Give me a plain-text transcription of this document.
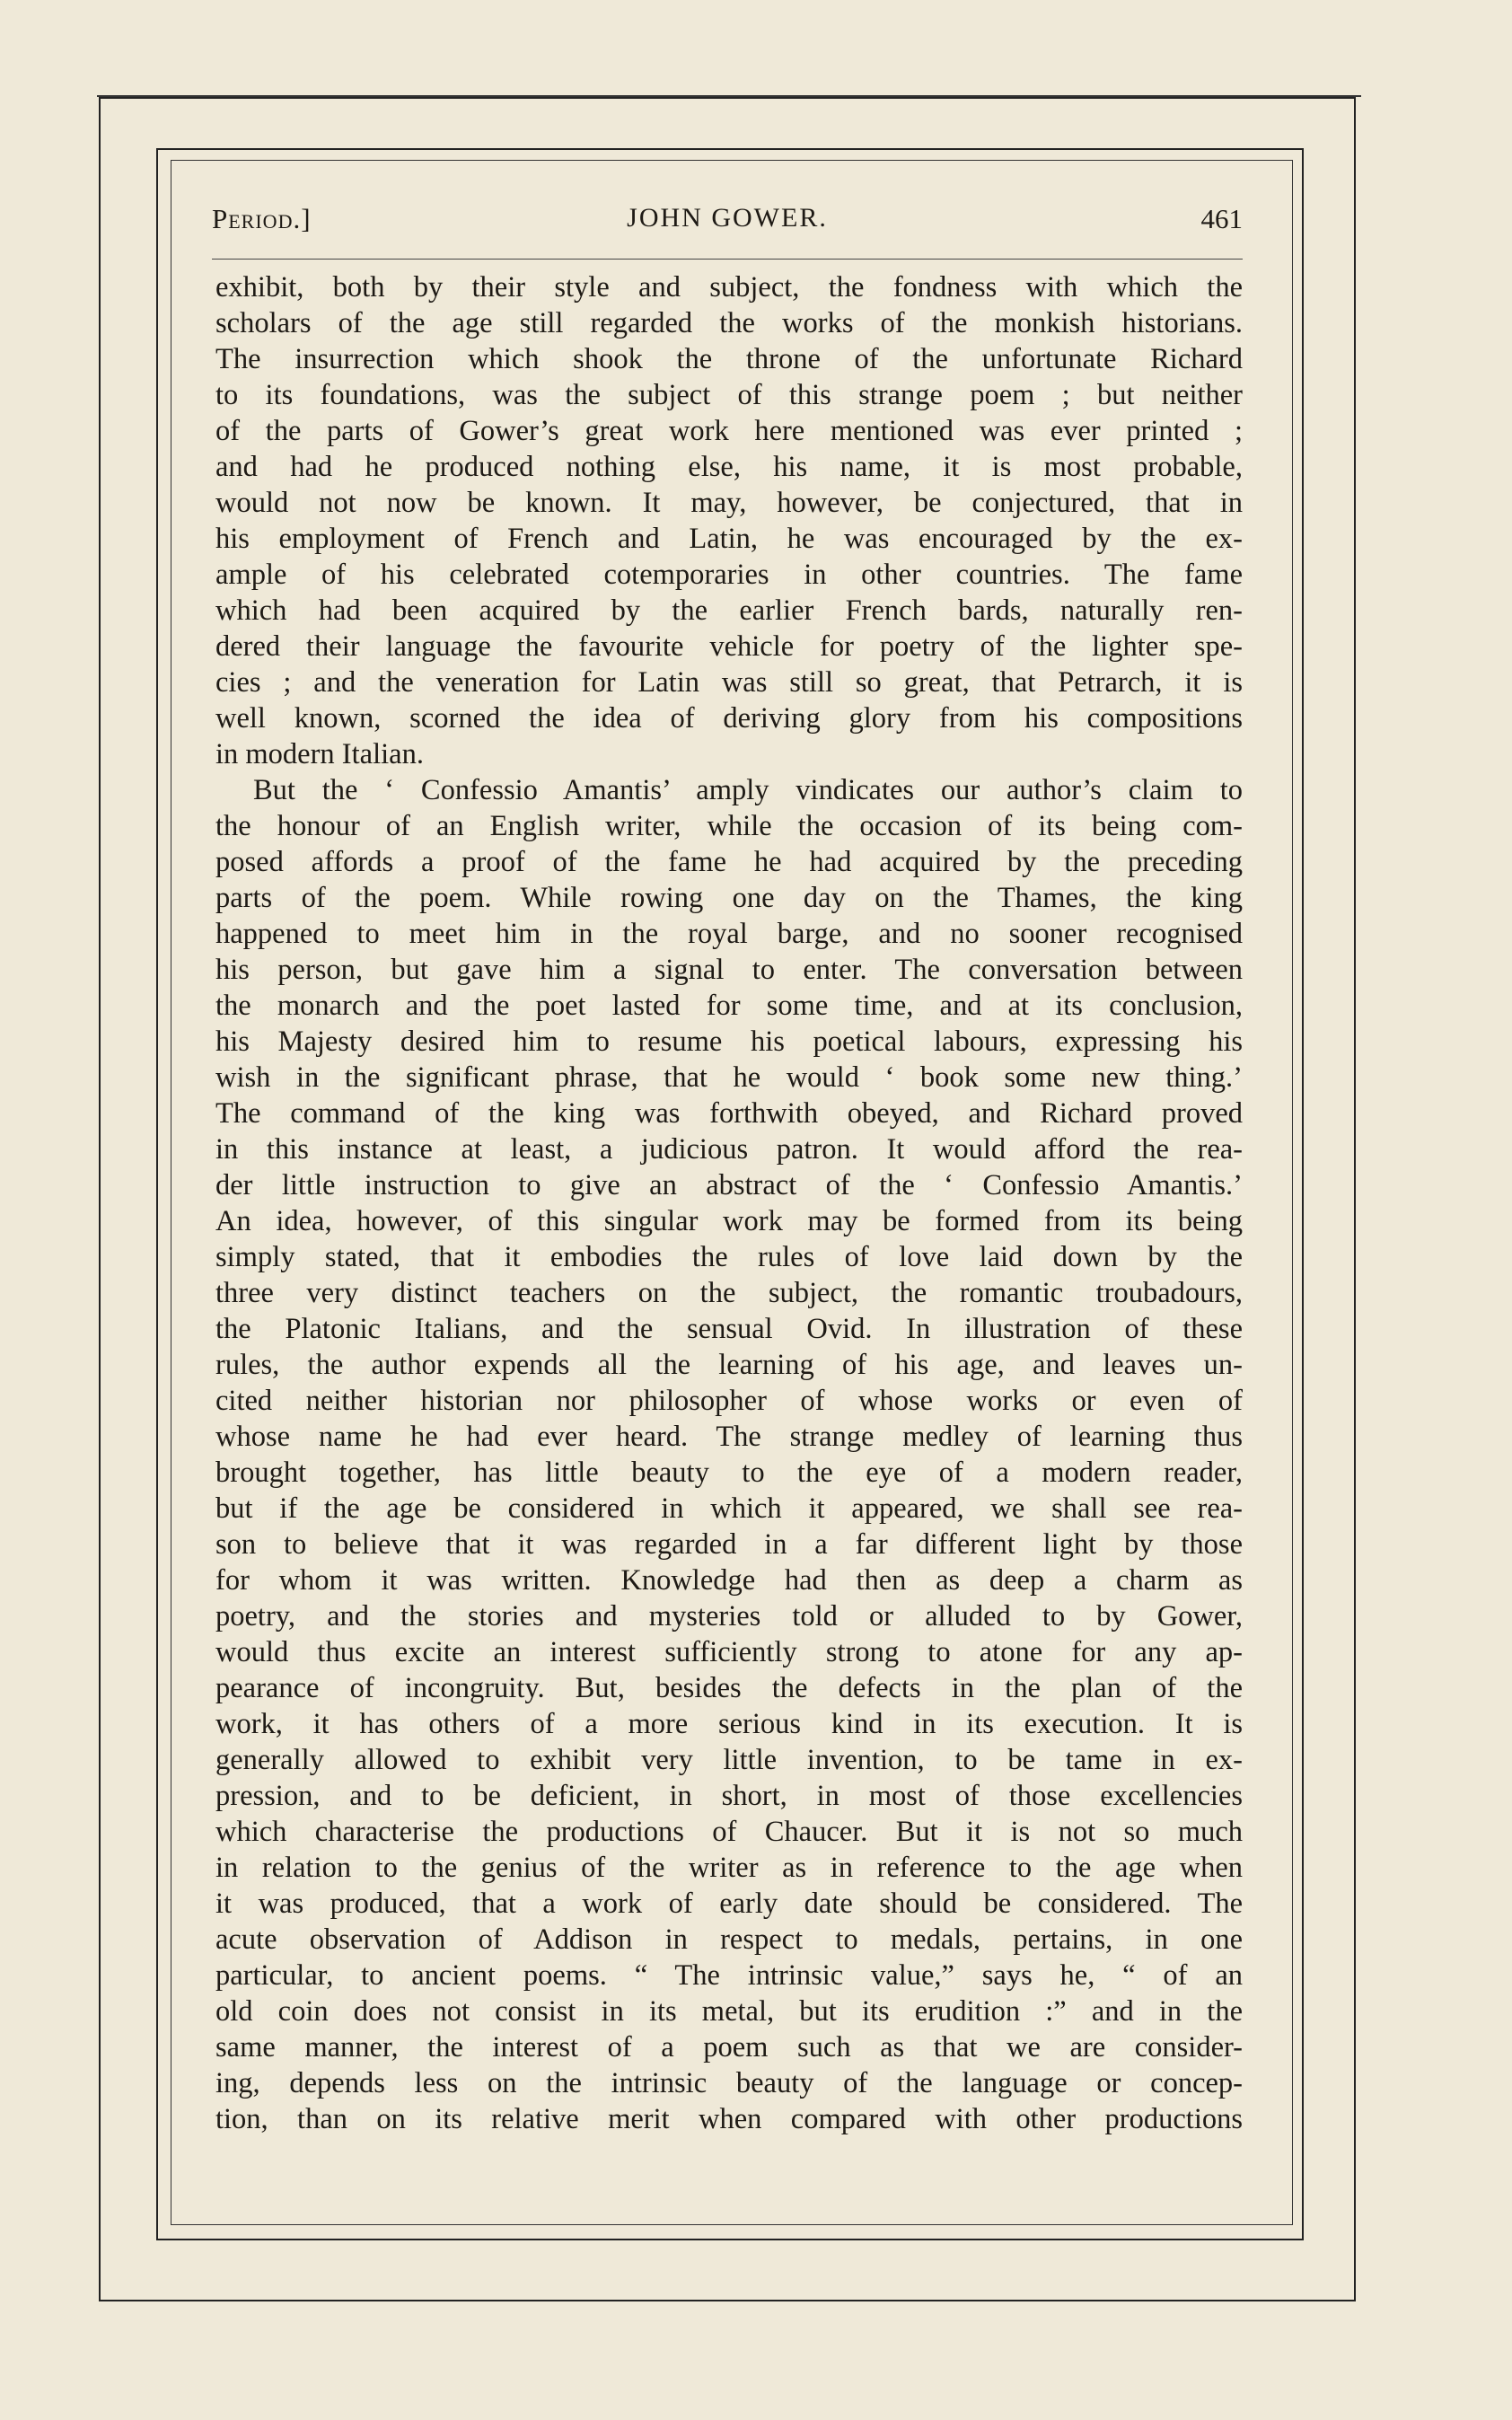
Period.]	JOHN GOWER.	461
exhibit, both by their style and subject, the fondness with which the
scholars of the age still regarded the works of the monkish historians.
The insurrection which shook the throne of the unfortunate Richard
to its foundations, was the subject of this strange poem ; but neither
of the parts of Gower’s great work here mentioned was ever printed ;
and had he produced nothing else, his name, it is most probable,
would not now be known. It may, however, be conjectured, that in
his employment of French and Latin, he was encouraged by the ex-
ample of his celebrated cotemporaries in other countries. The fame
which had been acquired by the earlier French bards, naturally ren-
dered their language the favourite vehicle for poetry of the lighter spe-
cies ; and the veneration for Latin was still so great, that Petrarch, it is
well known, scorned the idea of deriving glory from his compositions
in modern Italian.
But the ‘ Confessio Amantis’ amply vindicates our author’s claim to
the honour of an English writer, while the occasion of its being com-
posed affords a proof of the fame he had acquired by the preceding
parts of the poem. While rowing one day on the Thames, the king
happened to meet him in the royal barge, and no sooner recognised
his person, but gave him a signal to enter. The conversation between
the monarch and the poet lasted for some time, and at its conclusion,
his Majesty desired him to resume his poetical labours, expressing his
wish in the significant phrase, that he would ‘ book some new thing.’
The command of the king was forthwith obeyed, and Richard proved
in this instance at least, a judicious patron. It would afford the rea-
der little instruction to give an abstract of the ‘ Confessio Amantis.’
An idea, however, of this singular work may be formed from its being
simply stated, that it embodies the rules of love laid down by the
three very distinct teachers on the subject, the romantic troubadours,
the Platonic Italians, and the sensual Ovid. In illustration of these
rules, the author expends all the learning of his age, and leaves un-
cited neither historian nor philosopher of whose works or even of
whose name he had ever heard. The strange medley of learning thus
brought together, has little beauty to the eye of a modern reader,
but if the age be considered in which it appeared, we shall see rea-
son to believe that it was regarded in a far different light by those
for whom it was written. Knowledge had then as deep a charm as
poetry, and the stories and mysteries told or alluded to by Gower,
would thus excite an interest sufficiently strong to atone for any ap-
pearance of incongruity. But, besides the defects in the plan of the
work, it has others of a more serious kind in its execution. It is
generally allowed to exhibit very little invention, to be tame in ex-
pression, and to be deficient, in short, in most of those excellencies
which characterise the productions of Chaucer. But it is not so much
in relation to the genius of the writer as in reference to the age when
it was produced, that a work of early date should be considered. The
acute observation of Addison in respect to medals, pertains, in one
particular, to ancient poems. “ The intrinsic value,” says he, “ of an
old coin does not consist in its metal, but its erudition :” and in the
same manner, the interest of a poem such as that we are consider-
ing, depends less on the intrinsic beauty of the language or concep-
tion, than on its relative merit when compared with other productions
